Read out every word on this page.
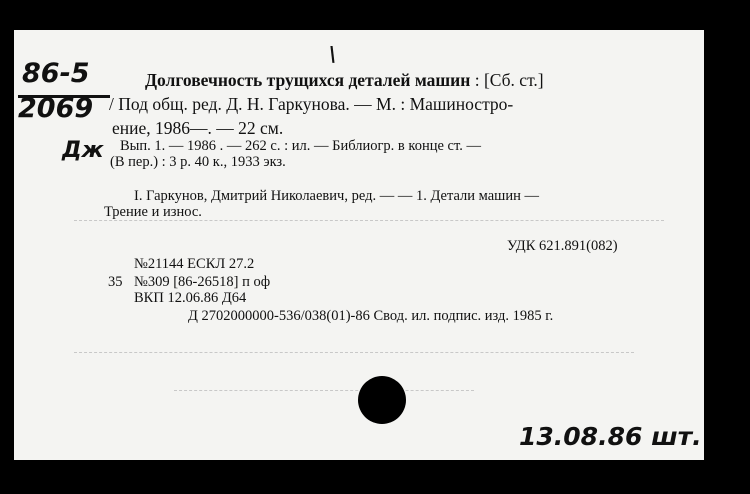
\
86-5
2069
Долговечность трущихся деталей машин : [Сб. ст.]
/ Под общ. ред. Д. Н. Гаркунова. — М. : Машиностро-
ение, 1986—. — 22 см.
Дж Вып. 1. — 1986 . — 262 с. : ил. — Библиогр. в конце ст. —
(В пер.) : 3 р. 40 к., 1933 экз.
I. Гаркунов, Дмитрий Николаевич, ред. — — 1. Детали машин —
Трение и износ.
УДК 621.891(082)
№21144 ЕСКЛ 27.2
35 №309 [86-26518] п оф
ВКП 12.06.86 Д64
Д 2702000000-536/038(01)-86 Свод. ил. подпис. изд. 1985 г.
13.08.86 шт.
